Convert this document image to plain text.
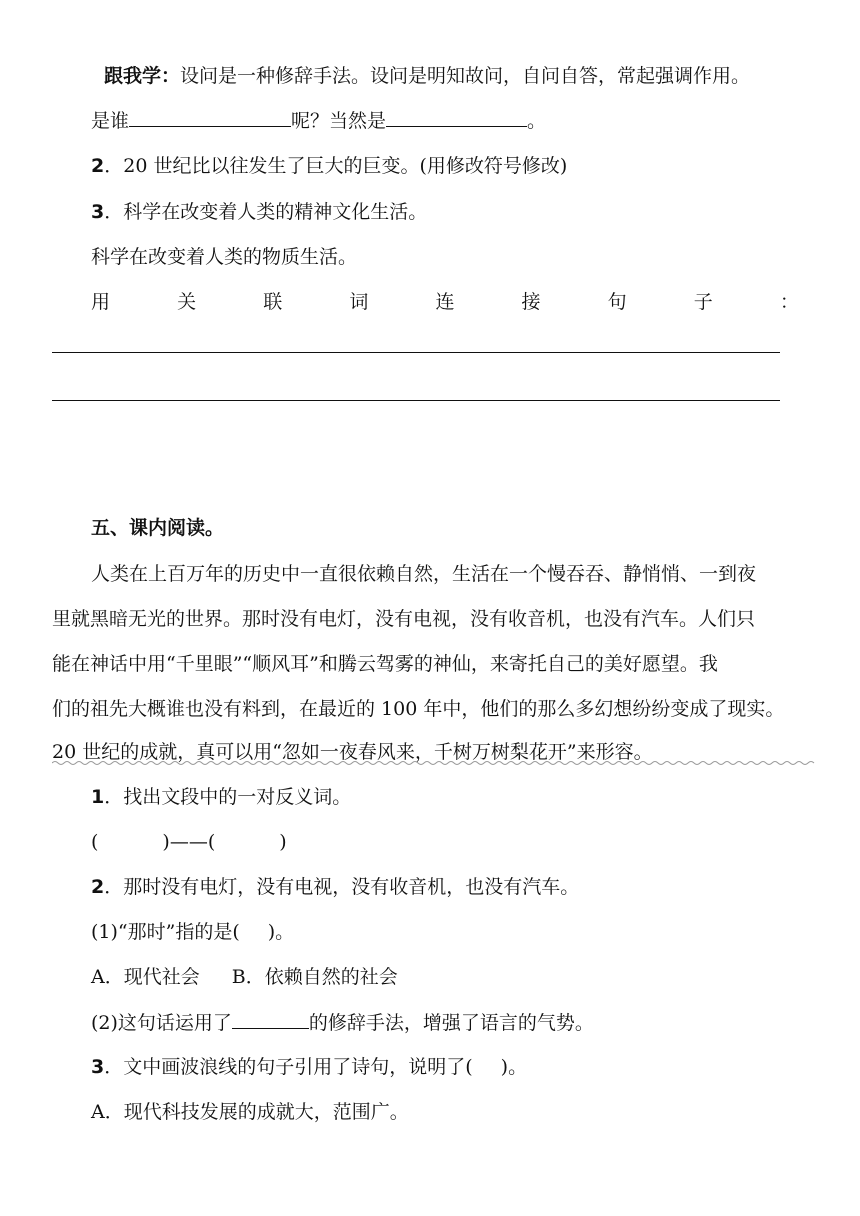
跟我学：设问是一种修辞手法。设问是明知故问，自问自答，常起强调作用。
是谁	呢？当然是	。
2．20 世纪比以往发生了巨大的巨变。(用修改符号修改)
3．科学在改变着人类的精神文化生活。
科学在改变着人类的物质生活。
用	关	联	词	连	接	句	子	：
五、课内阅读。
人类在上百万年的历史中一直很依赖自然，生活在一个慢吞吞、静悄悄、一到夜
里就黑暗无光的世界。那时没有电灯，没有电视，没有收音机，也没有汽车。人们只
能在神话中用“千里眼”“顺风耳”和腾云驾雾的神仙，来寄托自己的美好愿望。我
们的祖先大概谁也没有料到，在最近的 100 年中，他们的那么多幻想纷纷变成了现实。
20 世纪的成就，真可以用“忽如一夜春风来，千树万树梨花开”来形容。
1．找出文段中的一对反义词。
(	)——(	)
2．那时没有电灯，没有电视，没有收音机，也没有汽车。
(1)“那时”指的是( )。
A．现代社会 B．依赖自然的社会
(2)这句话运用了	的修辞手法，增强了语言的气势。
3．文中画波浪线的句子引用了诗句，说明了( )。
A．现代科技发展的成就大，范围广。
